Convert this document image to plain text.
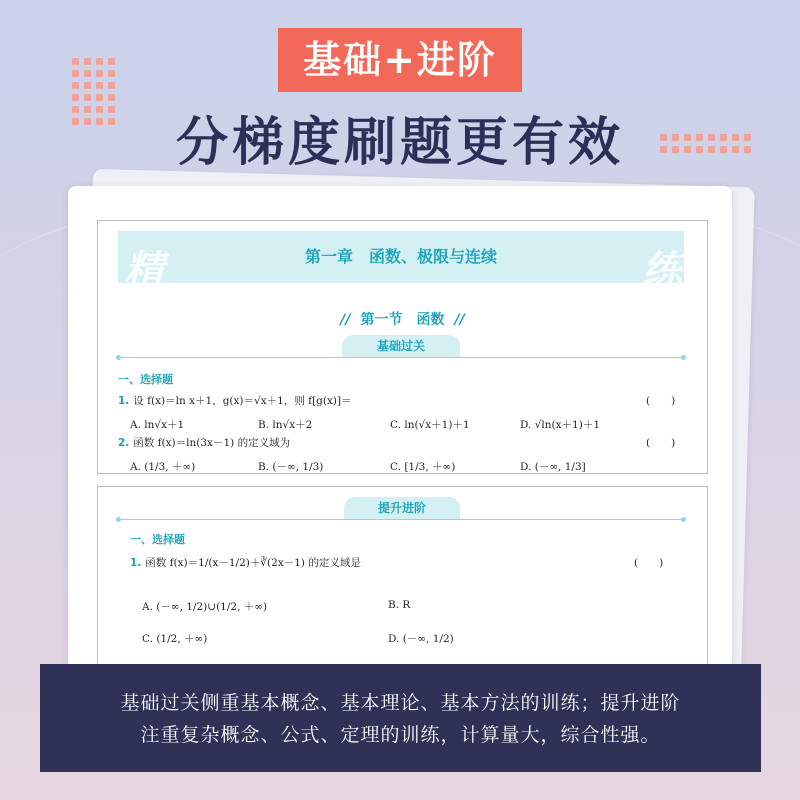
基础+进阶
分梯度刷题更有效
精	练
第一章　函数、极限与连续
// 第一节　函数 //
基础过关
一、选择题
1. 设 f(x)＝ln x＋1，g(x)＝√x＋1，则 f[g(x)]＝	(　　)
A. ln√x＋1	B. ln√x＋2	C. ln(√x＋1)＋1	D. √ln(x＋1)＋1
2. 函数 f(x)＝ln(3x－1) 的定义域为	(　　)
A. (1/3, ＋∞)	B. (－∞, 1/3)	C. [1/3, ＋∞)	D. (－∞, 1/3]
提升进阶
一、选择题
1. 函数 f(x)＝1/(x－1/2)＋∛(2x－1) 的定义域是	(　　)
A. (－∞, 1/2)∪(1/2, ＋∞)	B. R
C. (1/2, ＋∞)	D. (－∞, 1/2)
基础过关侧重基本概念、基本理论、基本方法的训练；提升进阶
注重复杂概念、公式、定理的训练，计算量大，综合性强。
